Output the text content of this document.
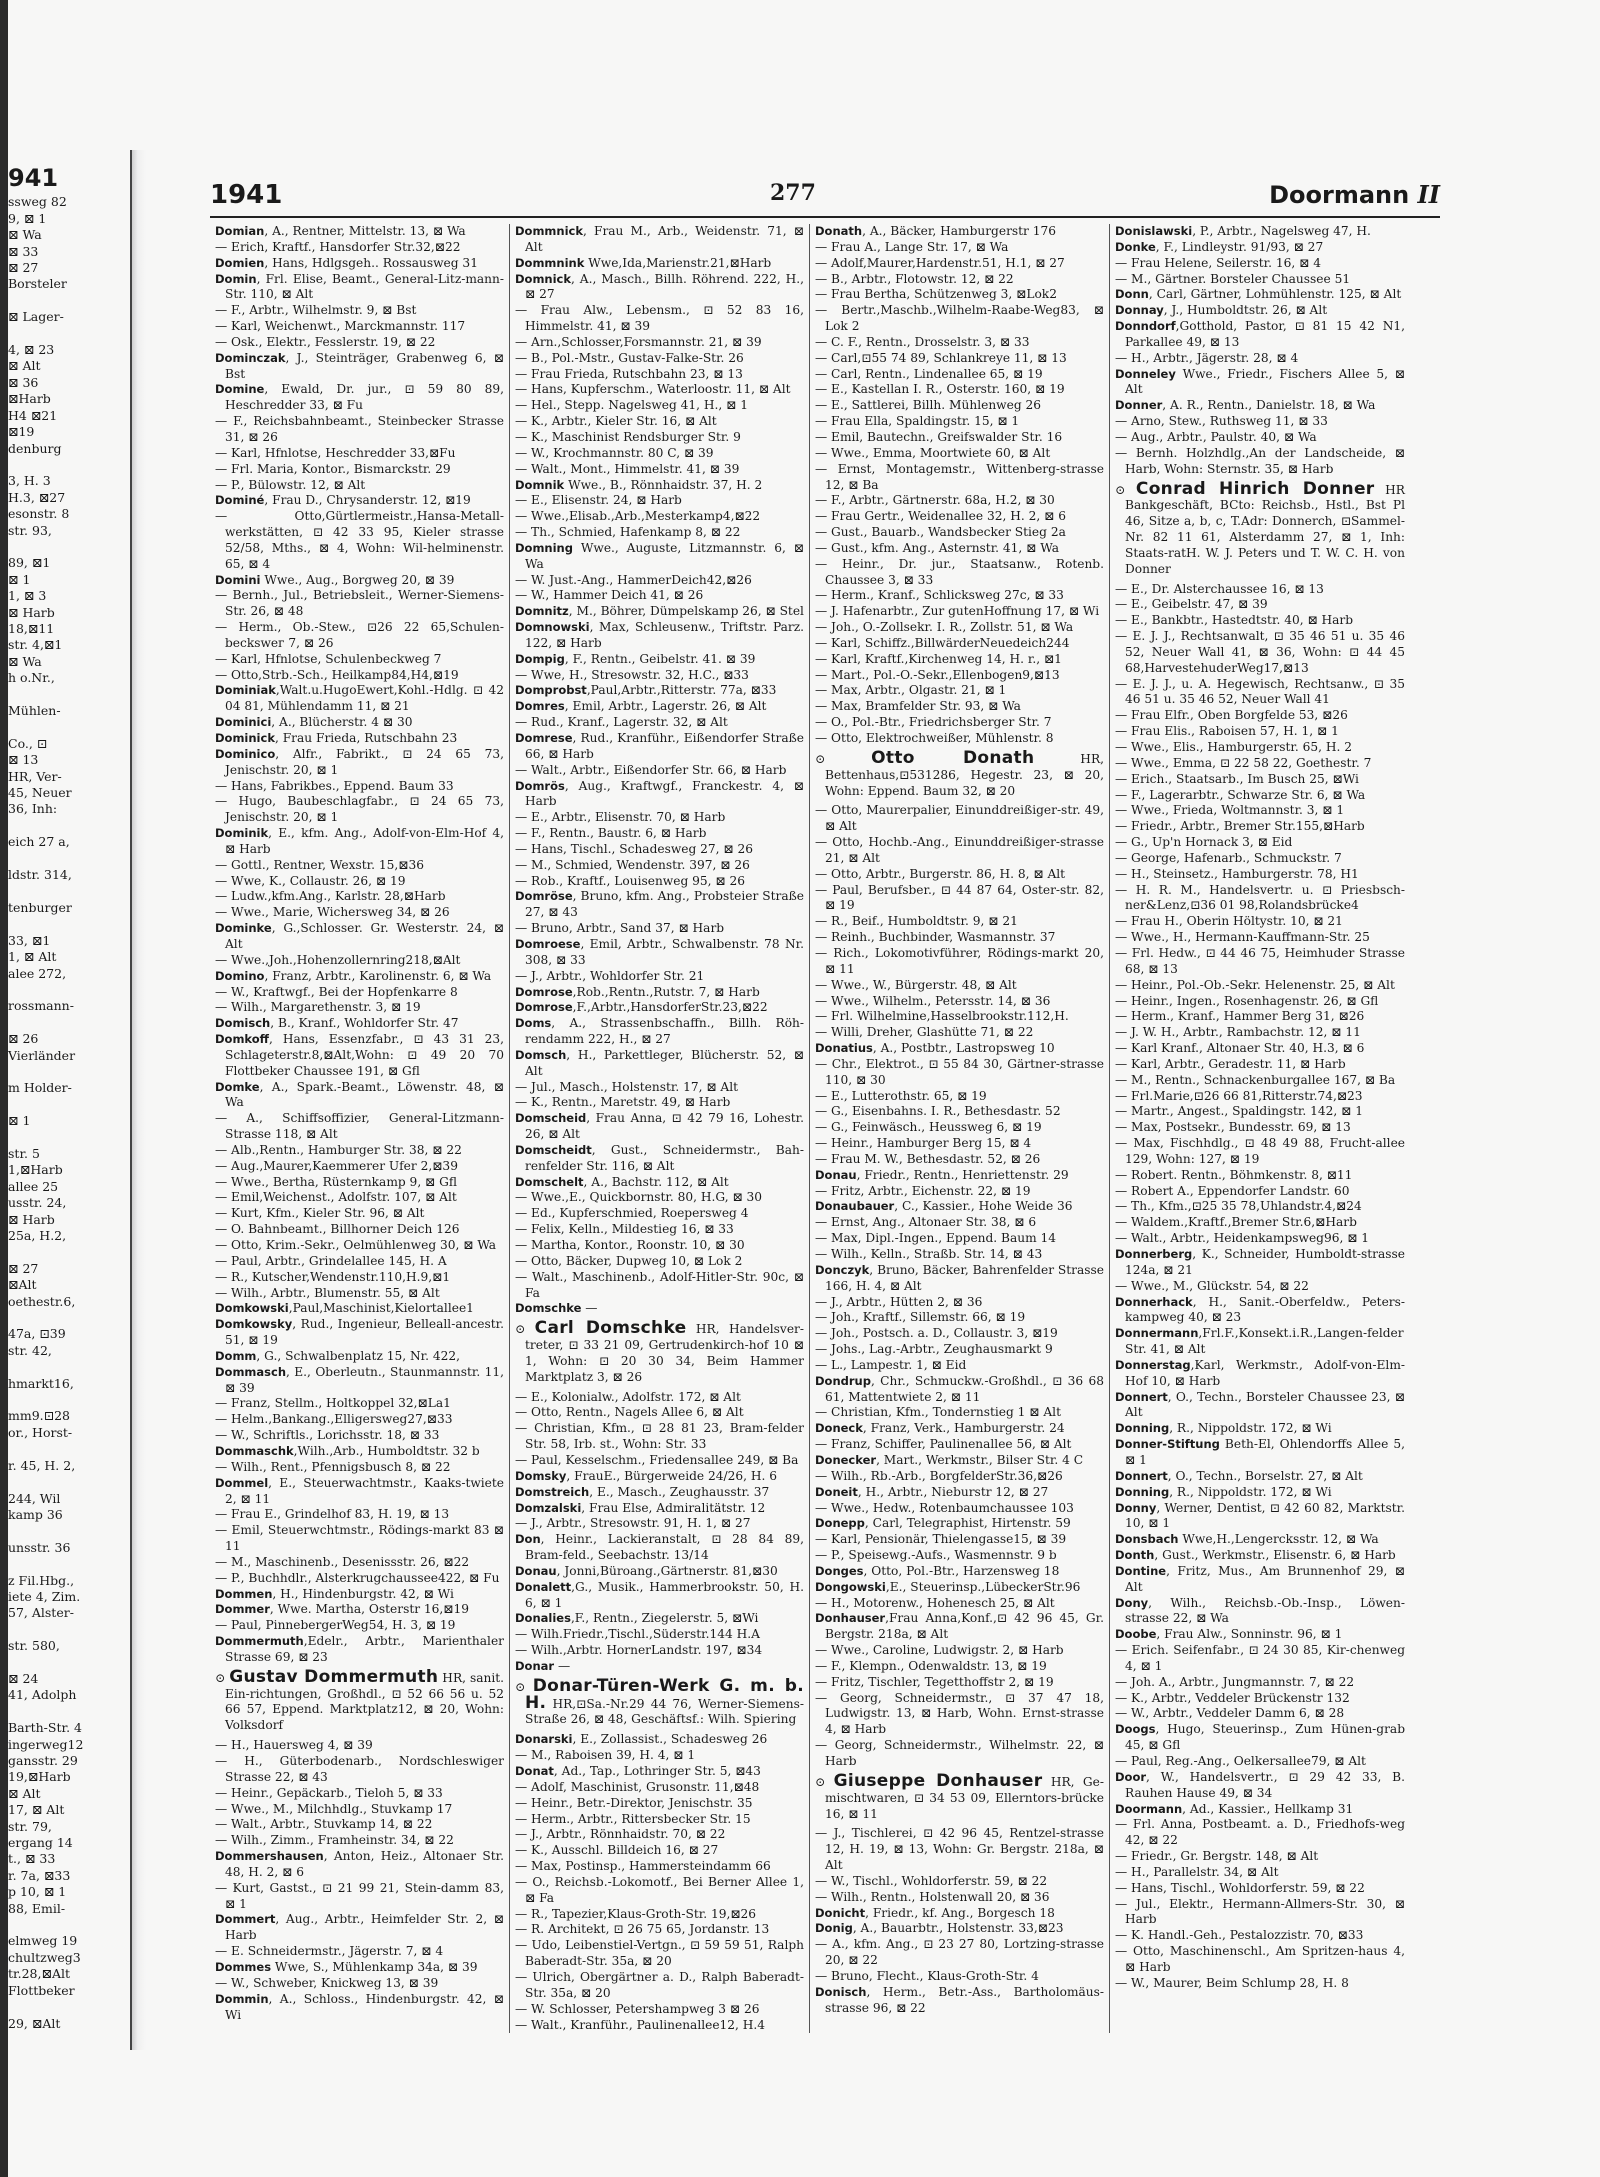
941
ssweg 82
9, ⊠ 1
⊠ Wa
⊠ 33
⊠ 27
Borsteler

⊠ Lager-

4, ⊠ 23
⊠ Alt
⊠ 36
⊠Harb
H4 ⊠21
⊠19
denburg

3, H. 3
H.3, ⊠27
esonstr. 8
str. 93,

89, ⊠1
⊠ 1
1, ⊠ 3
⊠ Harb
18,⊠11
str. 4,⊠1
⊠ Wa
h o.Nr.,

Mühlen-

Co., ⊡
⊠ 13
HR, Ver-
45, Neuer
36, Inh:

eich 27 a,

ldstr. 314,

tenburger

33, ⊠1
1, ⊠ Alt
alee 272,

rossmann-

⊠ 26
Vierländer

m Holder-

⊠ 1

str. 5
1,⊠Harb
allee 25
usstr. 24,
⊠ Harb
25a, H.2,

⊠ 27
⊠Alt
oethestr.6,

47a, ⊡39
str. 42,

hmarkt16,

mm9.⊡28
or., Horst-

r. 45, H. 2,

244, Wil
kamp 36

unsstr. 36

z Fil.Hbg.,
iete 4, Zim.
57, Alster-

str. 580,

⊠ 24
41, Adolph

Barth-Str. 4
ingerweg12
gansstr. 29
19,⊠Harb
⊠ Alt
17, ⊠ Alt
str. 79,
ergang 14
t., ⊠ 33
r. 7a, ⊠33
p 10, ⊠ 1
88, Emil-

elmweg 19
chultzweg3
tr.28,⊠Alt
Flottbeker

29, ⊠Alt
1941	277	Doormann II

Domian, A., Rentner, Mittelstr. 13, ⊠ Wa

— Erich, Kraftf., Hansdorfer Str.32,⊠22

Domien, Hans, Hdlgsgeh.. Rossausweg 31

Domin, Frl. Elise, Beamt., General-Litz-mann-Str. 110, ⊠ Alt

— F., Arbtr., Wilhelmstr. 9, ⊠ Bst

— Karl, Weichenwt., Marckmannstr. 117

— Osk., Elektr., Fesslerstr. 19, ⊠ 22

Dominczak, J., Steinträger, Grabenweg 6, ⊠ Bst

Domine, Ewald, Dr. jur., ⊡ 59 80 89, Heschredder 33, ⊠ Fu

— F., Reichsbahnbeamt., Steinbecker Strasse 31, ⊠ 26

— Karl, Hfnlotse, Heschredder 33,⊠Fu

— Frl. Maria, Kontor., Bismarckstr. 29

— P., Bülowstr. 12, ⊠ Alt

Dominé, Frau D., Chrysanderstr. 12, ⊠19

— Otto,Gürtlermeistr.,Hansa-Metall-werkstätten, ⊡ 42 33 95, Kieler strasse 52/58, Mths., ⊠ 4, Wohn: Wil-helminenstr. 65, ⊠ 4

Domini Wwe., Aug., Borgweg 20, ⊠ 39

— Bernh., Jul., Betriebsleit., Werner-Siemens-Str. 26, ⊠ 48

— Herm., Ob.-Stew., ⊡26 22 65,Schulen-beckswег 7, ⊠ 26

— Karl, Hfnlotse, Schulenbeckweg 7

— Otto,Strb.-Sch., Heilkamp84,H4,⊠19

Dominiak,Walt.u.HugoEwert,Kohl.-Hdlg. ⊡ 42 04 81, Mühlendamm 11, ⊠ 21

Dominici, A., Blücherstr. 4 ⊠ 30

Dominick, Frau Frieda, Rutschbahn 23

Dominico, Alfr., Fabrikt., ⊡ 24 65 73, Jenischstr. 20, ⊠ 1

— Hans, Fabrikbes., Eppend. Baum 33

— Hugo, Baubeschlagfabr., ⊡ 24 65 73, Jenischstr. 20, ⊠ 1

Dominik, E., kfm. Ang., Adolf-von-Elm-Hof 4, ⊠ Harb

— Gottl., Rentner, Wexstr. 15,⊠36

— Wwe, K., Collaustr. 26, ⊠ 19

— Ludw.,kfm.Ang., Karlstr. 28,⊠Harb

— Wwe., Marie, Wichersweg 34, ⊠ 26

Dominke, G.,Schlosser. Gr. Westerstr. 24, ⊠ Alt

— Wwe.,Joh.,Hohenzollernring218,⊠Alt

Domino, Franz, Arbtr., Karolinenstr. 6, ⊠ Wa

— W., Kraftwgf., Bei der Hopfenkarre 8

— Wilh., Margarethenstr. 3, ⊠ 19

Domisch, B., Kranf., Wohldorfer Str. 47

Domkoff, Hans, Essenzfabr., ⊡ 43 31 23, Schlageterstr.8,⊠Alt,Wohn: ⊡ 49 20 70 Flottbeker Chaussee 191, ⊠ Gfl

Domke, A., Spark.-Beamt., Löwenstr. 48, ⊠ Wa

— A., Schiffsoffizier, General-Litzmann-Strasse 118, ⊠ Alt

— Alb.,Rentn., Hamburger Str. 38, ⊠ 22

— Aug.,Maurer,Kaemmerer Ufer 2,⊠39

— Wwe., Bertha, Rüsternkamp 9, ⊠ Gfl

— Emil,Weichenst., Adolfstr. 107, ⊠ Alt

— Kurt, Kfm., Kieler Str. 96, ⊠ Alt

— O. Bahnbeamt., Billhorner Deich 126

— Otto, Krim.-Sekr., Oelmühlenweg 30, ⊠ Wa

— Paul, Arbtr., Grindelallee 145, H. A

— R., Kutscher,Wendenstr.110,H.9,⊠1

— Wilh., Arbtr., Blumenstr. 55, ⊠ Alt

Domkowski,Paul,Maschinist,Kielortallee1

Domkowsky, Rud., Ingenieur, Belleall-ancestr. 51, ⊠ 19

Domm, G., Schwalbenplatz 15, Nr. 422,

Dommasch, E., Oberleutn., Staunmannstr. 11, ⊠ 39

— Franz, Stellm., Holtkoppel 32,⊠La1

— Helm.,Bankang.,Elligersweg27,⊠33

— W., Schriftls., Lorichsstr. 18, ⊠ 33

Dommaschk,Wilh.,Arb., Humboldtstr. 32 b

— Wilh., Rent., Pfennigsbusch 8, ⊠ 22

Dommel, E., Steuerwachtmstr., Kaaks-twiete 2, ⊠ 11

— Frau E., Grindelhof 83, H. 19, ⊠ 13

— Emil, Steuerwchtmstr., Rödings-markt 83 ⊠ 11

— M., Maschinenb., Desenissstr. 26, ⊠22

— P., Buchhdlr., Alsterkrugchaussee422, ⊠ Fu

Dommen, H., Hindenburgstr. 42, ⊠ Wi

Dommer, Wwe. Martha, Osterstr 16,⊠19

— Paul, PinnebergerWeg54, H. 3, ⊠ 19

Dommermuth,Edelr., Arbtr., Marienthaler Strasse 69, ⊠ 23

⊙ Gustav Dommermuth HR, sanit. Ein-richtungen, Großhdl., ⊡ 52 66 56 u. 52 66 57, Eppend. Marktplatz12, ⊠ 20, Wohn: Volksdorf

— H., Hauersweg 4, ⊠ 39

— H., Güterbodenarb., Nordschleswiger Strasse 22, ⊠ 43

— Heinr., Gepäckarb., Tieloh 5, ⊠ 33

— Wwe., M., Milchhdlg., Stuvkamp 17

— Walt., Arbtr., Stuvkamp 14, ⊠ 22

— Wilh., Zimm., Framheinstr. 34, ⊠ 22

Dommershausen, Anton, Heiz., Altonaer Str. 48, H. 2, ⊠ 6

— Kurt, Gastst., ⊡ 21 99 21, Stein-damm 83, ⊠ 1

Dommert, Aug., Arbtr., Heimfelder Str. 2, ⊠ Harb

— E. Schneidermstr., Jägerstr. 7, ⊠ 4

Dommes Wwe, S., Mühlenkamp 34a, ⊠ 39

— W., Schweber, Knickweg 13, ⊠ 39

Dommin, A., Schloss., Hindenburgstr. 42, ⊠ Wi

Dommnick, Frau M., Arb., Weidenstr. 71, ⊠ Alt

Dommnink Wwe,Ida,Marienstr.21,⊠Harb

Domnick, A., Masch., Billh. Röhrend. 222, H., ⊠ 27

— Frau Alw., Lebensm., ⊡ 52 83 16, Himmelstr. 41, ⊠ 39

— Arn.,Schlosser,Forsmannstr. 21, ⊠ 39

— B., Pol.-Mstr., Gustav-Falke-Str. 26

— Frau Frieda, Rutschbahn 23, ⊠ 13

— Hans, Kupferschm., Waterloostr. 11, ⊠ Alt

— Hel., Stepp. Nagelsweg 41, H., ⊠ 1

— K., Arbtr., Kieler Str. 16, ⊠ Alt

— K., Maschinist Rendsburger Str. 9

— W., Krochmannstr. 80 C, ⊠ 39

— Walt., Mont., Himmelstr. 41, ⊠ 39

Domnik Wwe., B., Rönnhaidstr. 37, H. 2

— E., Elisenstr. 24, ⊠ Harb

— Wwe.,Elisab.,Arb.,Mesterkamp4,⊠22

— Th., Schmied, Hafenkamp 8, ⊠ 22

Domning Wwe., Auguste, Litzmannstr. 6, ⊠ Wa

— W. Just.-Ang., HammerDeich42,⊠26

— W., Hammer Deich 41, ⊠ 26

Domnitz, M., Böhrer, Dümpelskamp 26, ⊠ Stel

Domnowski, Max, Schleusenw., Triftstr. Parz. 122, ⊠ Harb

Dompig, F., Rentn., Geibelstr. 41. ⊠ 39

— Wwe, H., Stresowstr. 32, H.C., ⊠33

Domprobst,Paul,Arbtr.,Ritterstr. 77a, ⊠33

Domres, Emil, Arbtr., Lagerstr. 26, ⊠ Alt

— Rud., Kranf., Lagerstr. 32, ⊠ Alt

Domrese, Rud., Kranführ., Eißendorfer Straße 66, ⊠ Harb

— Walt., Arbtr., Eißendorfer Str. 66, ⊠ Harb

Domrös, Aug., Kraftwgf., Franckestr. 4, ⊠ Harb

— E., Arbtr., Elisenstr. 70, ⊠ Harb

— F., Rentn., Baustr. 6, ⊠ Harb

— Hans, Tischl., Schadesweg 27, ⊠ 26

— M., Schmied, Wendenstr. 397, ⊠ 26

— Rob., Kraftf., Louisenweg 95, ⊠ 26

Domröse, Bruno, kfm. Ang., Probsteier Straße 27, ⊠ 43

— Bruno, Arbtr., Sand 37, ⊠ Harb

Domroese, Emil, Arbtr., Schwalbenstr. 78 Nr. 308, ⊠ 33

— J., Arbtr., Wohldorfer Str. 21

Domrose,Rob.,Rentn.,Rutstr. 7, ⊠ Harb

Domrose,F.,Arbtr.,HansdorferStr.23,⊠22

Doms, A., Strassenbschaffn., Billh. Röh-rendamm 222, H., ⊠ 27

Domsch, H., Parkettleger, Blücherstr. 52, ⊠ Alt

— Jul., Masch., Holstenstr. 17, ⊠ Alt

— K., Rentn., Maretstr. 49, ⊠ Harb

Domscheid, Frau Anna, ⊡ 42 79 16, Lohestr. 26, ⊠ Alt

Domscheidt, Gust., Schneidermstr., Bah-renfelder Str. 116, ⊠ Alt

Domschelt, A., Bachstr. 112, ⊠ Alt

— Wwe.,E., Quickbornstr. 80, H.G, ⊠ 30

— Ed., Kupferschmied, Roepersweg 4

— Felix, Kelln., Mildestieg 16, ⊠ 33

— Martha, Kontor., Roonstr. 10, ⊠ 30

— Otto, Bäcker, Dupweg 10, ⊠ Lok 2

— Walt., Maschinenb., Adolf-Hitler-Str. 90c, ⊠ Fa

Domschke —

⊙ Carl Domschke HR, Handelsver-treter, ⊡ 33 21 09, Gertrudenkirch-hof 10 ⊠ 1, Wohn: ⊡ 20 30 34, Beim Hammer Marktplatz 3, ⊠ 26

— E., Kolonialw., Adolfstr. 172, ⊠ Alt

— Otto, Rentn., Nagels Allee 6, ⊠ Alt

— Christian, Kfm., ⊡ 28 81 23, Bram-felder Str. 58, Irb. st., Wohn: Str. 33

— Paul, Kesselschm., Friedensallee 249, ⊠ Ba

Domsky, FrauE., Bürgerweide 24/26, H. 6

Domstreich, E., Masch., Zeughausstr. 37

Domzalski, Frau Else, Admiralitätstr. 12

— J., Arbtr., Stresowstr. 91, H. 1, ⊠ 27

Don, Heinr., Lackieranstalt, ⊡ 28 84 89, Bram-feld., Seebachstr. 13/14

Donau, Jonni,Büroang.,Gärtnerstr. 81,⊠30

Donalett,G., Musik., Hammerbrookstr. 50, H. 6, ⊠ 1

Donalies,F., Rentn., Ziegelerstr. 5, ⊠Wi

— Wilh.Friedr.,Tischl.,Süderstr.144 H.A

— Wilh.,Arbtr. HornerLandstr. 197, ⊠34

Donar —

⊙ Donar-Türen-Werk G. m. b. H. HR,⊡Sa.-Nr.29 44 76, Werner-Siemens-Straße 26, ⊠ 48, Geschäftsf.: Wilh. Spiering

Donarski, E., Zollassist., Schadesweg 26

— M., Raboisen 39, H. 4, ⊠ 1

Donat, Ad., Tap., Lothringer Str. 5, ⊠43

— Adolf, Maschinist, Grusonstr. 11,⊠48

— Heinr., Betr.-Direktor, Jenischstr. 35

— Herm., Arbtr., Rittersbecker Str. 15

— J., Arbtr., Rönnhaidstr. 70, ⊠ 22

— K., Ausschl. Billdeich 16, ⊠ 27

— Max, Postinsp., Hammersteindamm 66

— O., Reichsb.-Lokomotf., Bei Berner Allee 1, ⊠ Fa

— R., Tapezier,Klaus-Groth-Str. 19,⊠26

— R. Architekt, ⊡ 26 75 65, Jordanstr. 13

— Udo, Leibenstiel-Vertgn., ⊡ 59 59 51, Ralph Baberadt-Str. 35a, ⊠ 20

— Ulrich, Obergärtner a. D., Ralph Baberadt-Str. 35a, ⊠ 20

— W. Schlosser, Petershampweg 3 ⊠ 26

— Walt., Kranführ., Paulinenallee12, H.4

Donath, A., Bäcker, Hamburgerstr 176

— Frau A., Lange Str. 17, ⊠ Wa

— Adolf,Maurer,Hardenstr.51, H.1, ⊠ 27

— B., Arbtr., Flotowstr. 12, ⊠ 22

— Frau Bertha, Schützenweg 3, ⊠Lok2

— Bertr.,Maschb.,Wilhelm-Raabe-Weg83, ⊠ Lok 2

— C. F., Rentn., Drosselstr. 3, ⊠ 33

— Carl,⊡55 74 89, Schlankreye 11, ⊠ 13

— Carl, Rentn., Lindenallee 65, ⊠ 19

— E., Kastellan I. R., Osterstr. 160, ⊠ 19

— E., Sattlerei, Billh. Mühlenweg 26

— Frau Ella, Spaldingstr. 15, ⊠ 1

— Emil, Bautechn., Greifswalder Str. 16

— Wwe., Emma, Moortwiete 60, ⊠ Alt

— Ernst, Montagemstr., Wittenberg-strasse 12, ⊠ Ba

— F., Arbtr., Gärtnerstr. 68a, H.2, ⊠ 30

— Frau Gertr., Weidenallee 32, H. 2, ⊠ 6

— Gust., Bauarb., Wandsbecker Stieg 2a

— Gust., kfm. Ang., Asternstr. 41, ⊠ Wa

— Heinr., Dr. jur., Staatsanw., Rotenb. Chaussee 3, ⊠ 33

— Herm., Kranf., Schlicksweg 27c, ⊠ 33

— J. Hafenarbtr., Zur gutenHoffnung 17, ⊠ Wi

— Joh., O.-Zollsekr. I. R., Zollstr. 51, ⊠ Wa

— Karl, Schiffz.,BillwärderNeuedeich244

— Karl, Kraftf.,Kirchenweg 14, H. r., ⊠1

— Mart., Pol.-O.-Sekr.,Ellenbogen9,⊠13

— Max, Arbtr., Olgastr. 21, ⊠ 1

— Max, Bramfelder Str. 93, ⊠ Wa

— O., Pol.-Btr., Friedrichsberger Str. 7

— Otto, Elektrochweißer, Mühlenstr. 8

⊙ Otto Donath HR, Bettenhaus,⊡531286, Hegestr. 23, ⊠ 20, Wohn: Eppend. Baum 32, ⊠ 20

— Otto, Maurerpalier, Einunddreißiger-str. 49, ⊠ Alt

— Otto, Hochb.-Ang., Einunddreißiger-strasse 21, ⊠ Alt

— Otto, Arbtr., Burgerstr. 86, H. 8, ⊠ Alt

— Paul, Berufsber., ⊡ 44 87 64, Oster-str. 82, ⊠ 19

— R., Beif., Humboldtstr. 9, ⊠ 21

— Reinh., Buchbinder, Wasmannstr. 37

— Rich., Lokomotivführer, Rödings-markt 20, ⊠ 11

— Wwe., W., Bürgerstr. 48, ⊠ Alt

— Wwe., Wilhelm., Petersstr. 14, ⊠ 36

— Frl. Wilhelmine,Hasselbrookstr.112,H.

— Willi, Dreher, Glashütte 71, ⊠ 22

Donatius, A., Postbtr., Lastropsweg 10

— Chr., Elektrot., ⊡ 55 84 30, Gärtner-strasse 110, ⊠ 30

— E., Lutterothstr. 65, ⊠ 19

— G., Eisenbahns. I. R., Bethesdastr. 52

— G., Feinwäsch., Heussweg 6, ⊠ 19

— Heinr., Hamburger Berg 15, ⊠ 4

— Frau M. W., Bethesdastr. 52, ⊠ 26

Donau, Friedr., Rentn., Henriettenstr. 29

— Fritz, Arbtr., Eichenstr. 22, ⊠ 19

Donaubauer, C., Kassier., Hohe Weide 36

— Ernst, Ang., Altonaer Str. 38, ⊠ 6

— Max, Dipl.-Ingen., Eppend. Baum 14

— Wilh., Kelln., Straßb. Str. 14, ⊠ 43

Donczyk, Bruno, Bäcker, Bahrenfelder Strasse 166, H. 4, ⊠ Alt

— J., Arbtr., Hütten 2, ⊠ 36

— Joh., Kraftf., Sillemstr. 66, ⊠ 19

— Joh., Postsch. a. D., Collaustr. 3, ⊠19

— Johs., Lag.-Arbtr., Zeughausmarkt 9

— L., Lampestr. 1, ⊠ Eid

Dondrup, Chr., Schmuckw.-Großhdl., ⊡ 36 68 61, Mattentwiete 2, ⊠ 11

— Christian, Kfm., Tondernstieg 1 ⊠ Alt

Doneck, Franz, Verk., Hamburgerstr. 24

— Franz, Schiffer, Paulinenallee 56, ⊠ Alt

Donecker, Mart., Werkmstr., Bilser Str. 4 C

— Wilh., Rb.-Arb., BorgfelderStr.36,⊠26

Doneit, H., Arbtr., Nieburstr 12, ⊠ 27

— Wwe., Hedw., Rotenbaumchaussee 103

Donepp, Carl, Telegraphist, Hirtenstr. 59

— Karl, Pensionär, Thielengasse15, ⊠ 39

— P., Speisewg.-Aufs., Wasmennstr. 9 b

Donges, Otto, Pol.-Btr., Harzensweg 18

Dongowski,E., Steuerinsp.,LübeckerStr.96

— H., Motorenw., Hohenesch 25, ⊠ Alt

Donhauser,Frau Anna,Konf.,⊡ 42 96 45, Gr. Bergstr. 218a, ⊠ Alt

— Wwe., Caroline, Ludwigstr. 2, ⊠ Harb

— F., Klempn., Odenwaldstr. 13, ⊠ 19

— Fritz, Tischler, Tegetthoffstr 2, ⊠ 19

— Georg, Schneidermstr., ⊡ 37 47 18, Ludwigstr. 13, ⊠ Harb, Wohn. Ernst-strasse 4, ⊠ Harb

— Georg, Schneidermstr., Wilhelmstr. 22, ⊠ Harb

⊙ Giuseppe Donhauser HR, Ge-mischtwaren, ⊡ 34 53 09, Ellerntors-brücke 16, ⊠ 11

— J., Tischlerei, ⊡ 42 96 45, Rentzel-strasse 12, H. 19, ⊠ 13, Wohn: Gr. Bergstr. 218a, ⊠ Alt

— W., Tischl., Wohldorferstr. 59, ⊠ 22

— Wilh., Rentn., Holstenwall 20, ⊠ 36

Donicht, Friedr., kf. Ang., Borgesch 18

Donig, A., Bauarbtr., Holstenstr. 33,⊠23

— A., kfm. Ang., ⊡ 23 27 80, Lortzing-strasse 20, ⊠ 22

— Bruno, Flecht., Klaus-Groth-Str. 4

Donisch, Herm., Betr.-Ass., Bartholomäus-strasse 96, ⊠ 22

Donislawski, P., Arbtr., Nagelsweg 47, H.

Donke, F., Lindleystr. 91/93, ⊠ 27

— Frau Helene, Seilerstr. 16, ⊠ 4

— M., Gärtner. Borsteler Chaussee 51

Donn, Carl, Gärtner, Lohmühlenstr. 125, ⊠ Alt

Donnay, J., Humboldtstr. 26, ⊠ Alt

Donndorf,Gotthold, Pastor, ⊡ 81 15 42 N1, Parkallee 49, ⊠ 13

— H., Arbtr., Jägerstr. 28, ⊠ 4

Donneley Wwe., Friedr., Fischers Allee 5, ⊠ Alt

Donner, A. R., Rentn., Danielstr. 18, ⊠ Wa

— Arno, Stew., Ruthsweg 11, ⊠ 33

— Aug., Arbtr., Paulstr. 40, ⊠ Wa

— Bernh. Holzhdlg.,An der Landscheide, ⊠ Harb, Wohn: Sternstr. 35, ⊠ Harb

⊙ Conrad Hinrich Donner HR Bankgeschäft, BCto: Reichsb., Hstl., Bst Pl 46, Sitze a, b, c, T.Adr: Donnerch, ⊡Sammel-Nr. 82 11 61, Alsterdamm 27, ⊠ 1, Inh: Staats-ratH. W. J. Peters und T. W. C. H. von Donner

— E., Dr. Alsterchaussee 16, ⊠ 13

— E., Geibelstr. 47, ⊠ 39

— E., Bankbtr., Hastedtstr. 40, ⊠ Harb

— E. J. J., Rechtsanwalt, ⊡ 35 46 51 u. 35 46 52, Neuer Wall 41, ⊠ 36, Wohn: ⊡ 44 45 68,HarvestehuderWeg17,⊠13

— E. J. J., u. A. Hegewisch, Rechtsanw., ⊡ 35 46 51 u. 35 46 52, Neuer Wall 41

— Frau Elfr., Oben Borgfelde 53, ⊠26

— Frau Elis., Raboisen 57, H. 1, ⊠ 1

— Wwe., Elis., Hamburgerstr. 65, H. 2

— Wwe., Emma, ⊡ 22 58 22, Goethestr. 7

— Erich., Staatsarb., Im Busch 25, ⊠Wi

— F., Lagerarbtr., Schwarze Str. 6, ⊠ Wa

— Wwe., Frieda, Woltmannstr. 3, ⊠ 1

— Friedr., Arbtr., Bremer Str.155,⊠Harb

— G., Up'n Hornack 3, ⊠ Eid

— George, Hafenarb., Schmuckstr. 7

— H., Steinsetz., Hamburgerstr. 78, H1

— H. R. M., Handelsvertr. u. ⊡ Priesbsch-ner&Lenz,⊡36 01 98,Rolandsbrücke4

— Frau H., Oberin Höltystr. 10, ⊠ 21

— Wwe., H., Hermann-Kauffmann-Str. 25

— Frl. Hedw., ⊡ 44 46 75, Heimhuder Strasse 68, ⊠ 13

— Heinr., Pol.-Ob.-Sekr. Helenenstr. 25, ⊠ Alt

— Heinr., Ingen., Rosenhagenstr. 26, ⊠ Gfl

— Herm., Kranf., Hammer Berg 31, ⊠26

— J. W. H., Arbtr., Rambachstr. 12, ⊠ 11

— Karl Kranf., Altonaer Str. 40, H.3, ⊠ 6

— Karl, Arbtr., Geradestr. 11, ⊠ Harb

— M., Rentn., Schnackenburgallee 167, ⊠ Ba

— Frl.Marie,⊡26 66 81,Ritterstr.74,⊠23

— Martr., Angest., Spaldingstr. 142, ⊠ 1

— Max, Postsekr., Bundesstr. 69, ⊠ 13

— Max, Fischhdlg., ⊡ 48 49 88, Frucht-allee 129, Wohn: 127, ⊠ 19

— Robert. Rentn., Böhmkenstr. 8, ⊠11

— Robert A., Eppendorfer Landstr. 60

— Th., Kfm.,⊡25 35 78,Uhlandstr.4,⊠24

— Waldem.,Kraftf.,Bremer Str.6,⊠Harb

— Walt., Arbtr., Heidenkampsweg96, ⊠ 1

Donnerberg, K., Schneider, Humboldt-strasse 124a, ⊠ 21

— Wwe., M., Glückstr. 54, ⊠ 22

Donnerhack, H., Sanit.-Oberfeldw., Peters-kampweg 40, ⊠ 23

Donnermann,Frl.F.,Konsekt.i.R.,Langen-felder Str. 41, ⊠ Alt

Donnerstag,Karl, Werkmstr., Adolf-von-Elm-Hof 10, ⊠ Harb

Donnert, O., Techn., Borsteler Chaussee 23, ⊠ Alt

Donning, R., Nippoldstr. 172, ⊠ Wi

Donner-Stiftung Beth-El, Ohlendorffs Allee 5, ⊠ 1

Donnert, O., Techn., Borselstr. 27, ⊠ Alt

Donning, R., Nippoldstr. 172, ⊠ Wi

Donny, Werner, Dentist, ⊡ 42 60 82, Marktstr. 10, ⊠ 1

Donsbach Wwe,H.,Lengercksstr. 12, ⊠ Wa

Donth, Gust., Werkmstr., Elisenstr. 6, ⊠ Harb

Dontine, Fritz, Mus., Am Brunnenhof 29, ⊠ Alt

Dony, Wilh., Reichsb.-Ob.-Insp., Löwen-strasse 22, ⊠ Wa

Doobe, Frau Alw., Sonninstr. 96, ⊠ 1

— Erich. Seifenfabr., ⊡ 24 30 85, Kir-chenweg 4, ⊠ 1

— Joh. A., Arbtr., Jungmannstr. 7, ⊠ 22

— K., Arbtr., Veddeler Brückenstr 132

— W., Arbtr., Veddeler Damm 6, ⊠ 28

Doogs, Hugo, Steuerinsp., Zum Hünen-grab 45, ⊠ Gfl

— Paul, Reg.-Ang., Oelkersallee79, ⊠ Alt

Door, W., Handelsvertr., ⊡ 29 42 33, B. Rauhen Hause 49, ⊠ 34

Doormann, Ad., Kassier., Hellkamp 31

— Frl. Anna, Postbeamt. a. D., Friedhofs-weg 42, ⊠ 22

— Friedr., Gr. Bergstr. 148, ⊠ Alt

— H., Parallelstr. 34, ⊠ Alt

— Hans, Tischl., Wohldorferstr. 59, ⊠ 22

— Jul., Elektr., Hermann-Allmers-Str. 30, ⊠ Harb

— K. Handl.-Geh., Pestalozzistr. 70, ⊠33

— Otto, Maschinenschl., Am Spritzen-haus 4, ⊠ Harb

— W., Maurer, Beim Schlump 28, H. 8
